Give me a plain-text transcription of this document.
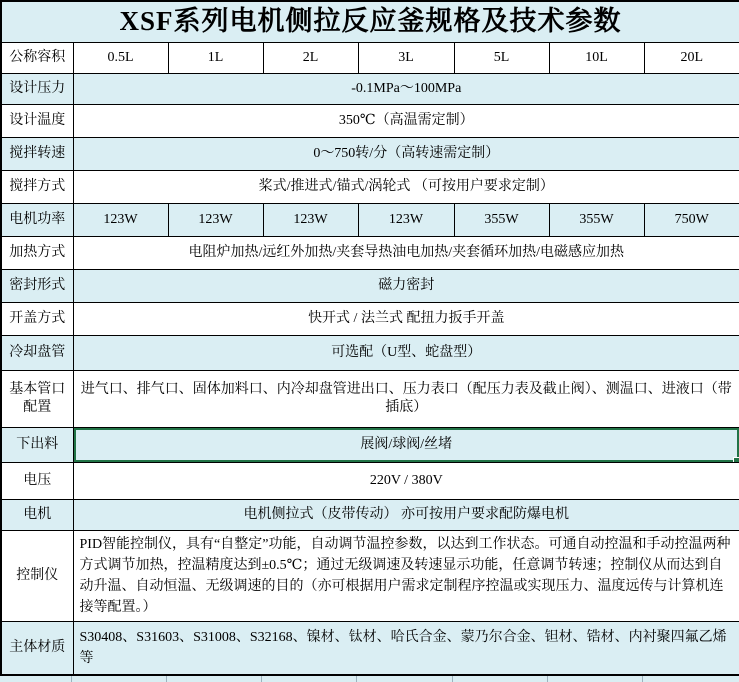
XSF系列电机侧拉反应釜规格及技术参数							
公称容积	0.5L	1L	2L	3L	5L	10L	20L
设计压力	-0.1MPa～100MPa						
设计温度	350℃（高温需定制）						
搅拌转速	0～750转/分（高转速需定制）						
搅拌方式	桨式/推进式/锚式/涡轮式 （可按用户要求定制）						
电机功率	123W	123W	123W	123W	355W	355W	750W
加热方式	电阻炉加热/远红外加热/夹套导热油电加热/夹套循环加热/电磁感应加热						
密封形式	磁力密封						
开盖方式	快开式 / 法兰式 配扭力扳手开盖						
冷却盘管	可选配（U型、蛇盘型）						
基本管口配置	进气口、排气口、固体加料口、内冷却盘管进出口、压力表口（配压力表及截止阀）、测温口、进液口（带插底）						
下出料	展阀/球阀/丝堵						
电压	220V / 380V						
电机	电机侧拉式（皮带传动） 亦可按用户要求配防爆电机						
控制仪	PID智能控制仪，具有“自整定”功能，自动调节温控参数，以达到工作状态。可通自动控温和手动控温两种方式调节加热，控温精度达到±0.5℃；通过无级调速及转速显示功能，任意调节转速；控制仪从而达到自动升温、自动恒温、无级调速的目的（亦可根据用户需求定制程序控温或实现压力、温度远传与计算机连接等配置。）						
主体材质	S30408、S31603、S31008、S32168、镍材、钛材、哈氏合金、蒙乃尔合金、钽材、锆材、内衬聚四氟乙烯等						
